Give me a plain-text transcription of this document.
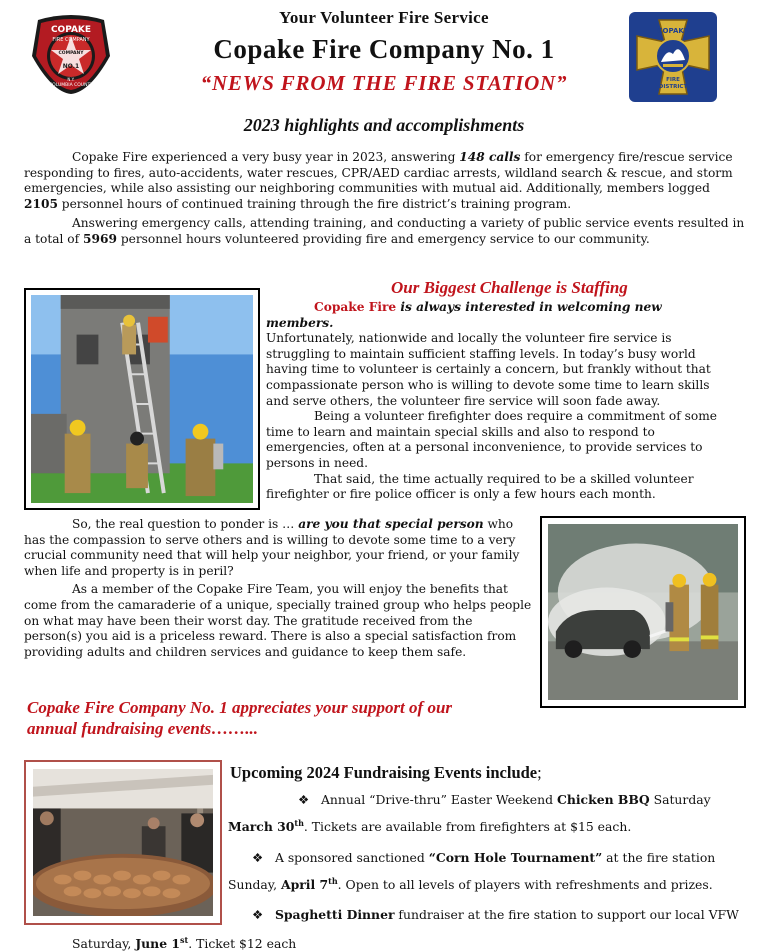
COPAKE
FIRE COMPANY
COMPANY
NO.1
COLUMBIA COUNTY
N.Y.
COPAKE
FIRE
DISTRICT
Your Volunteer Fire Service
Copake Fire Company No. 1
“NEWS FROM THE FIRE STATION”
2023 highlights and accomplishments

Copake Fire experienced a very busy year in 2023, answering 148 calls for emergency fire/rescue service responding to fires, auto-accidents, water rescues, CPR/AED cardiac arrests, wildland search & rescue, and storm emergencies, while also assisting our neighboring communities with mutual aid. Additionally, members logged 2105 personnel hours of continued training through the fire district’s training program.

Answering emergency calls, attending training, and conducting a variety of public service events resulted in a total of 5969 personnel hours volunteered providing fire and emergency service to our community.

Our Biggest Challenge is Staffing

Copake Fire is always interested in welcoming new members.

Unfortunately, nationwide and locally the volunteer fire service is struggling to maintain sufficient staffing levels. In today’s busy world having time to volunteer is certainly a concern, but frankly without that compassionate person who is willing to devote some time to learn skills and serve others, the volunteer fire service will soon fade away.

Being a volunteer firefighter does require a commitment of some time to learn and maintain special skills and also to respond to emergencies, often at a personal inconvenience, to provide services to persons in need.

That said, the time actually required to be a skilled volunteer firefighter or fire police officer is only a few hours each month.

So, the real question to ponder is … are you that special person who has the compassion to serve others and is willing to devote some time to a very crucial community need that will help your neighbor, your friend, or your family when life and property is in peril?

As a member of the Copake Fire Team, you will enjoy the benefits that come from the camaraderie of a unique, specially trained group who helps people on what may have been their worst day. The gratitude received from the person(s) you aid is a priceless reward. There is also a special satisfaction from providing adults and children services and guidance to keep them safe.

Copake Fire Company No. 1 appreciates your support of our
annual fundraising events……...
Upcoming 2024 Fundraising Events include;
❖ Annual “Drive-thru” Easter Weekend Chicken BBQ Saturday
March 30th. Tickets are available from firefighters at $15 each.
❖ A sponsored sanctioned “Corn Hole Tournament” at the fire station
Sunday, April 7th. Open to all levels of players with refreshments and prizes.
❖ Spaghetti Dinner fundraiser at the fire station to support our local VFW
Saturday, June 1st. Ticket $12 each
